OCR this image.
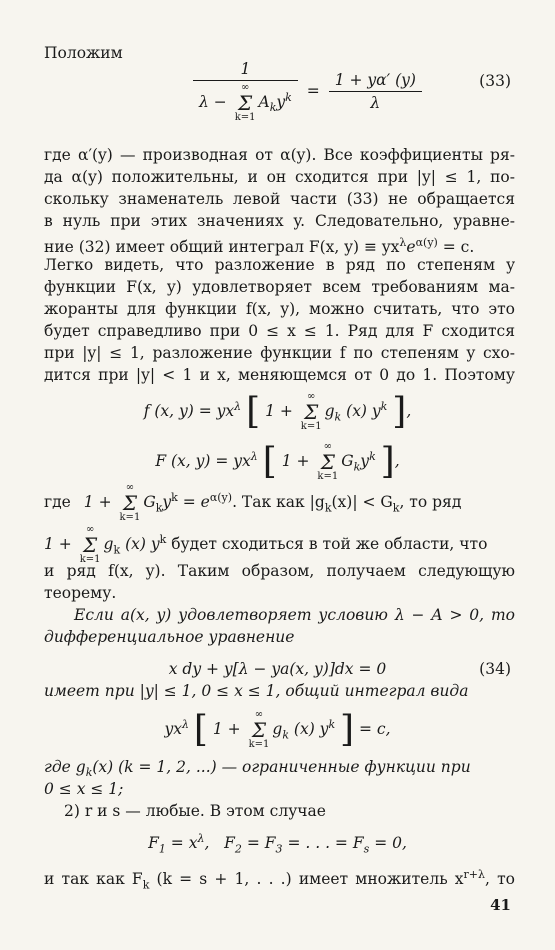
Положим
1
λ −
∞
Σ
k=1
$A_ky^k = \frac{1 + y\alpha' (y)}{\lambda}$	(33)
где α′(y) — производная от α(y). Все коэффициенты ря-
да α(y) положительны, и он сходится при |y| ≤ 1, по-
скольку знаменатель левой части (33) не обращается
в нуль при этих значениях y. Следовательно, уравне-
ние (32) имеет общий интеграл F(x, $y) \equiv yx^\lambda e^{\alpha(y)} = c$.
Легко видеть, что разложение в ряд по степеням y
функции F(x, y) удовлетворяет всем требованиям ма-
жоранты для функции f(x, y), можно считать, что это
будет справедливо при 0 ≤ x ≤ 1. Ряд для F сходится
при |y| ≤ 1, разложение функции f по степеням y схо-
дится при |y| < 1 и x, меняющемся от 0 до 1. Поэтому
f (x, $y) = yx^\lambda$ [ 1 +
∞
Σ
k=1
$g_k$ (x) $y^k$ ],
F (x, $y) = yx^\lambda$ [ 1 +
∞
Σ
k=1
$G_ky^k$ ],
где 1 +
∞
Σ
k=1
$G_ky^k = e^{\alpha(y)}$. Так как $|g_k(x)| < G_k$, то ряд
1 +
∞
Σ
k=1
$g_k$ (x) $y^k$ будет сходиться в той же области, что
и ряд f(x, y). Таким образом, получаем следующую
теорему.
Если a(x, y) удовлетворяет условию λ − A > 0, то
дифференциальное уравнение
x dy + y[λ − ya(x, y)]dx = 0	(34)
имеет при |y| ≤ 1, 0 ≤ x ≤ 1, общий интеграл вида
$yx^\lambda$ [ 1 +
∞
Σ
k=1
$g_k$ (x) $y^k$ ] = c,
где $g_k(x) (k = 1$, 2, ...) — ограниченные функции при
0 ≤ x ≤ 1;
2) r и s — любые. В этом случае
$F_1 = x^\lambda$,   $F_2 = F_3$ = . . . = $F_s = 0$,
и так как $F_k$ (k = s + 1, . . .) имеет множитель $x^{r+\lambda}$, то
41
